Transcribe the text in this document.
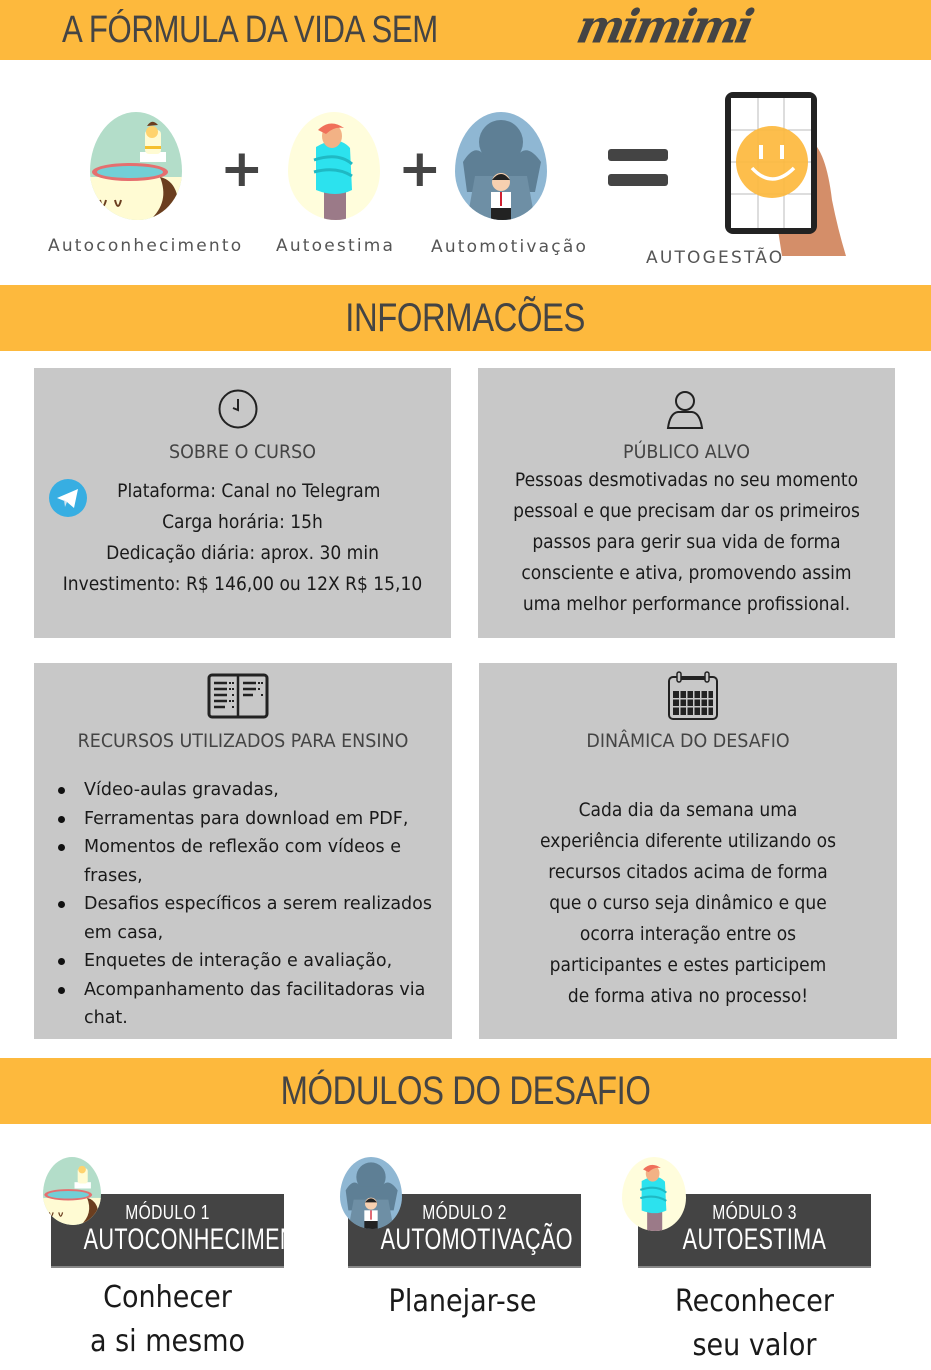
A FÓRMULA DA VIDA SEM	mimimi
Autoconhecimento
+
Autoestima
+
Automotivação
AUTOGESTÃO
INFORMACÕES
SOBRE O CURSO
Plataforma: Canal no Telegram
Carga horária: 15h
Dedicação diária: aprox. 30 min
Investimento: R$ 146,00 ou 12X R$ 15,10
PÚBLICO ALVO
Pessoas desmotivadas no seu momento
pessoal e que precisam dar os primeiros
passos para gerir sua vida de forma
consciente e ativa, promovendo assim
uma melhor performance profissional.
RECURSOS UTILIZADOS PARA ENSINO
Vídeo-aulas gravadas,
Ferramentas para download em PDF,
Momentos de reflexão com vídeos e frases,
Desafios específicos a serem realizados em casa,
Enquetes de interação e avaliação,
Acompanhamento das facilitadoras via chat.
DINÂMICA DO DESAFIO
Cada dia da semana uma
experiência diferente utilizando os
recursos citados acima de forma
que o curso seja dinâmico e que
ocorra interação entre os
participantes e estes participem
de forma ativa no processo!
MÓDULOS DO DESAFIO
MÓDULO 1
AUTOCONHECIMENTO
Conhecer
a si mesmo
MÓDULO 2
AUTOMOTIVAÇÃO
Planejar-se
MÓDULO 3
AUTOESTIMA
Reconhecer
seu valor
